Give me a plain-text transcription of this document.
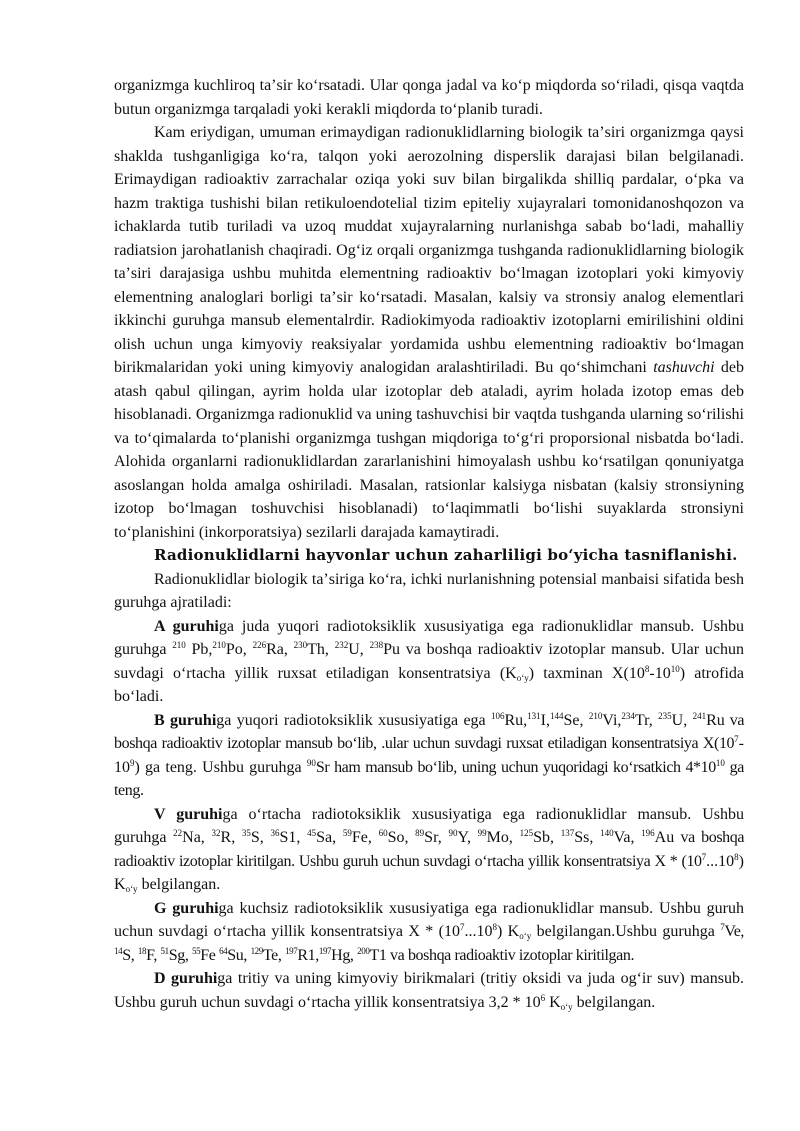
organizmga kuchliroq taʼsir koʻrsatadi. Ular qonga jadal va koʻp miqdorda soʻriladi, qisqa vaqtda butun organizmga tarqaladi yoki kerakli miqdorda toʻplanib turadi.

Kam eriydigan, umuman erimaydigan radionuklidlarning biologik taʼsiri organizmga qaysi shaklda tushganligiga koʻra, talqon yoki aerozolning disperslik darajasi bilan belgilanadi. Erimaydigan radioaktiv zarrachalar oziqa yoki suv bilan birgalikda shilliq pardalar, oʻpka va hazm traktiga tushishi bilan retikuloendotelial tizim epiteliy xujayralari tomonidanoshqozon va ichaklarda tutib turiladi va uzoq muddat xujayralarning nurlanishga sabab boʻladi, mahalliy radiatsion jarohatlanish chaqiradi. Ogʻiz orqali organizmga tushganda radionuklidlarning biologik taʼsiri darajasiga ushbu muhitda elementning radioaktiv boʻlmagan izotoplari yoki kimyoviy elementning analoglari borligi taʼsir koʻrsatadi. Masalan, kalsiy va stronsiy analog elementlari ikkinchi guruhga mansub elementalrdir. Radiokimyoda radioaktiv izotoplarni emirilishini oldini olish uchun unga kimyoviy reaksiyalar yordamida ushbu elementning radioaktiv boʻlmagan birikmalaridan yoki uning kimyoviy analogidan aralashtiriladi. Bu qoʻshimchani tashuvchi deb atash qabul qilingan, ayrim holda ular izotoplar deb ataladi, ayrim holada izotop emas deb hisoblanadi. Organizmga radionuklid va uning tashuvchisi bir vaqtda tushganda ularning soʻrilishi va toʻqimalarda toʻplanishi organizmga tushgan miqdoriga toʻgʻri proporsional nisbatda boʻladi. Alohida organlarni radionuklidlardan zararlanishini himoyalash ushbu koʻrsatilgan qonuniyatga asoslangan holda amalga oshiriladi. Masalan, ratsionlar kalsiyga nisbatan (kalsiy stronsiyning izotop boʻlmagan toshuvchisi hisoblanadi) toʻlaqimmatli boʻlishi suyaklarda stronsiyni toʻplanishini (inkorporatsiya) sezilarli darajada kamaytiradi.

Radionuklidlarni hayvonlar uchun zaharliligi boʻyicha tasniflanishi.

Radionuklidlar biologik taʼsiriga koʻra, ichki nurlanishning potensial manbaisi sifatida besh guruhga ajratiladi:

A guruhiga juda yuqori radiotoksiklik xususiyatiga ega radionuklidlar mansub. Ushbu guruhga $^{210}$ Pb,$^{210}$Po, $^{226}$Ra, $^{230}$Th, $^{232}$U, $^{238}$Pu va boshqa radioaktiv izotoplar mansub. Ular uchun suvdagi oʻrtacha yillik ruxsat etiladigan konsentratsiya $(K_{oʻy})$ taxminan $X(10^8-10^{10})$ atrofida boʻladi.

B guruhiga yuqori radiotoksiklik xususiyatiga ega $^{106}$Ru,$^{131}$I,$^{144}$Se, $^{210}$Vi,$^{234}$Tr, $^{235}$U, $^{241}$Ru va boshqa radioaktiv izotoplar mansub boʻlib, .ular uchun suvdagi ruxsat etiladigan konsentratsiya $X(10^7-10^9)$ ga teng. Ushbu guruhga $^{90}$Sr ham mansub boʻlib, uning uchun yuqoridagi koʻrsatkich $4*10^{10}$ ga teng.

V guruhiga oʻrtacha radiotoksiklik xususiyatiga ega radionuklidlar mansub. Ushbu guruhga $^{22}$Na, $^{32}$R, $^{35}$S, $^{36}$S1, $^{45}$Sa, $^{59}$Fe, $^{60}$So, $^{89}$Sr, $^{90}$Y, $^{99}$Mo, $^{125}$Sb, $^{137}$Ss, $^{140}$Va, $^{196}$Au va boshqa radioaktiv izotoplar kiritilgan. Ushbu guruh uchun suvdagi oʻrtacha yillik konsentratsiya X * $(10^7...10^8)$ $K_{oʻy}$ belgilangan.

G guruhiga kuchsiz radiotoksiklik xususiyatiga ega radionuklidlar mansub. Ushbu guruh uchun suvdagi oʻrtacha yillik konsentratsiya X * $(10^7...10^8)$ $K_{oʻy}$ belgilangan.Ushbu guruhga $^7$Ve, $^{14}$S, $^{18}$F, $^{51}$Sg, $^{55}$Fe $^{64}$Su, $^{129}$Te, $^{197}$R1,$^{197}$Hg, $^{200}$T1 va boshqa radioaktiv izotoplar kiritilgan.

D guruhiga tritiy va uning kimyoviy birikmalari (tritiy oksidi va juda ogʻir suv) mansub. Ushbu guruh uchun suvdagi oʻrtacha yillik konsentratsiya $3,2 * 10^6$ $K_{oʻy}$ belgilangan.
